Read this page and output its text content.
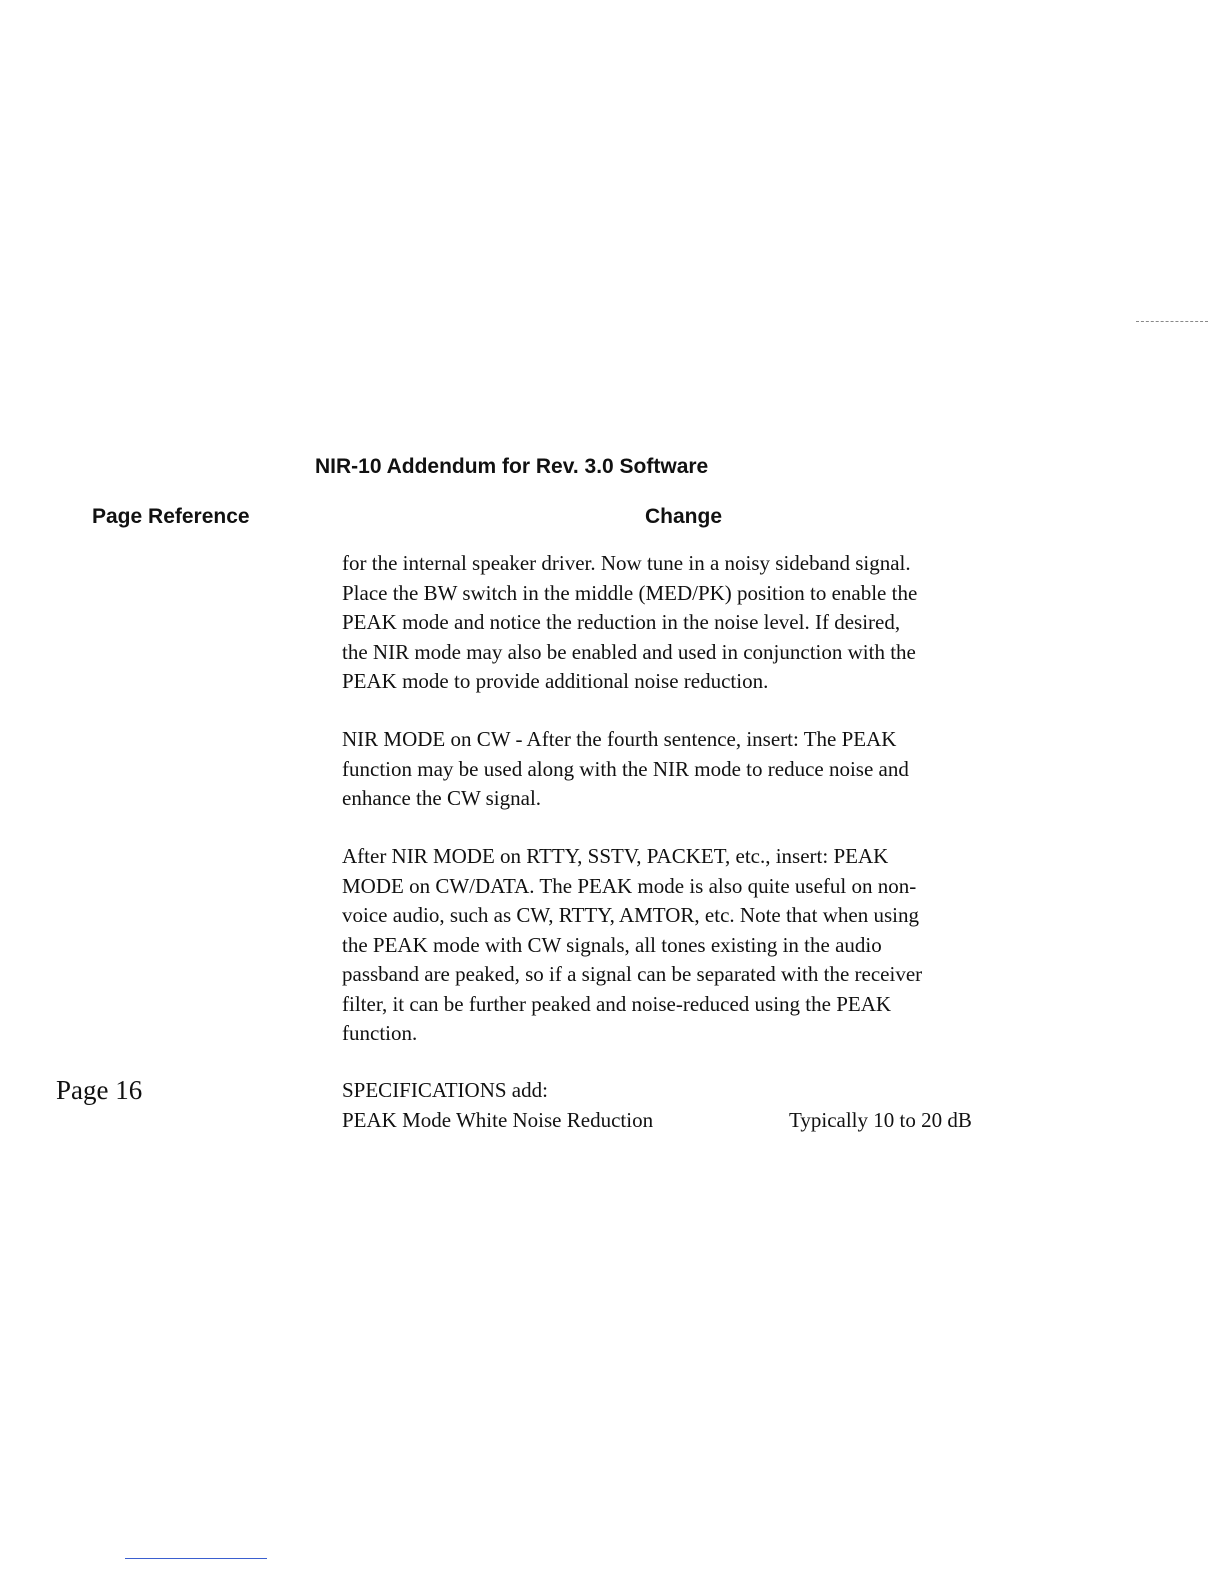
NIR-10 Addendum for Rev. 3.0 Software
Page Reference	Change
for the internal speaker driver. Now tune in a noisy sideband signal.
Place the BW switch in the middle (MED/PK) position to enable the
PEAK mode and notice the reduction in the noise level. If desired,
the NIR mode may also be enabled and used in conjunction with the
PEAK mode to provide additional noise reduction.
NIR MODE on CW - After the fourth sentence, insert: The PEAK
function may be used along with the NIR mode to reduce noise and
enhance the CW signal.
After NIR MODE on RTTY, SSTV, PACKET, etc., insert: PEAK
MODE on CW/DATA. The PEAK mode is also quite useful on non-
voice audio, such as CW, RTTY, AMTOR, etc. Note that when using
the PEAK mode with CW signals, all tones existing in the audio
passband are peaked, so if a signal can be separated with the receiver
filter, it can be further peaked and noise-reduced using the PEAK
function.
Page 16	SPECIFICATIONS add:
PEAK Mode White Noise Reduction	Typically 10 to 20 dB
